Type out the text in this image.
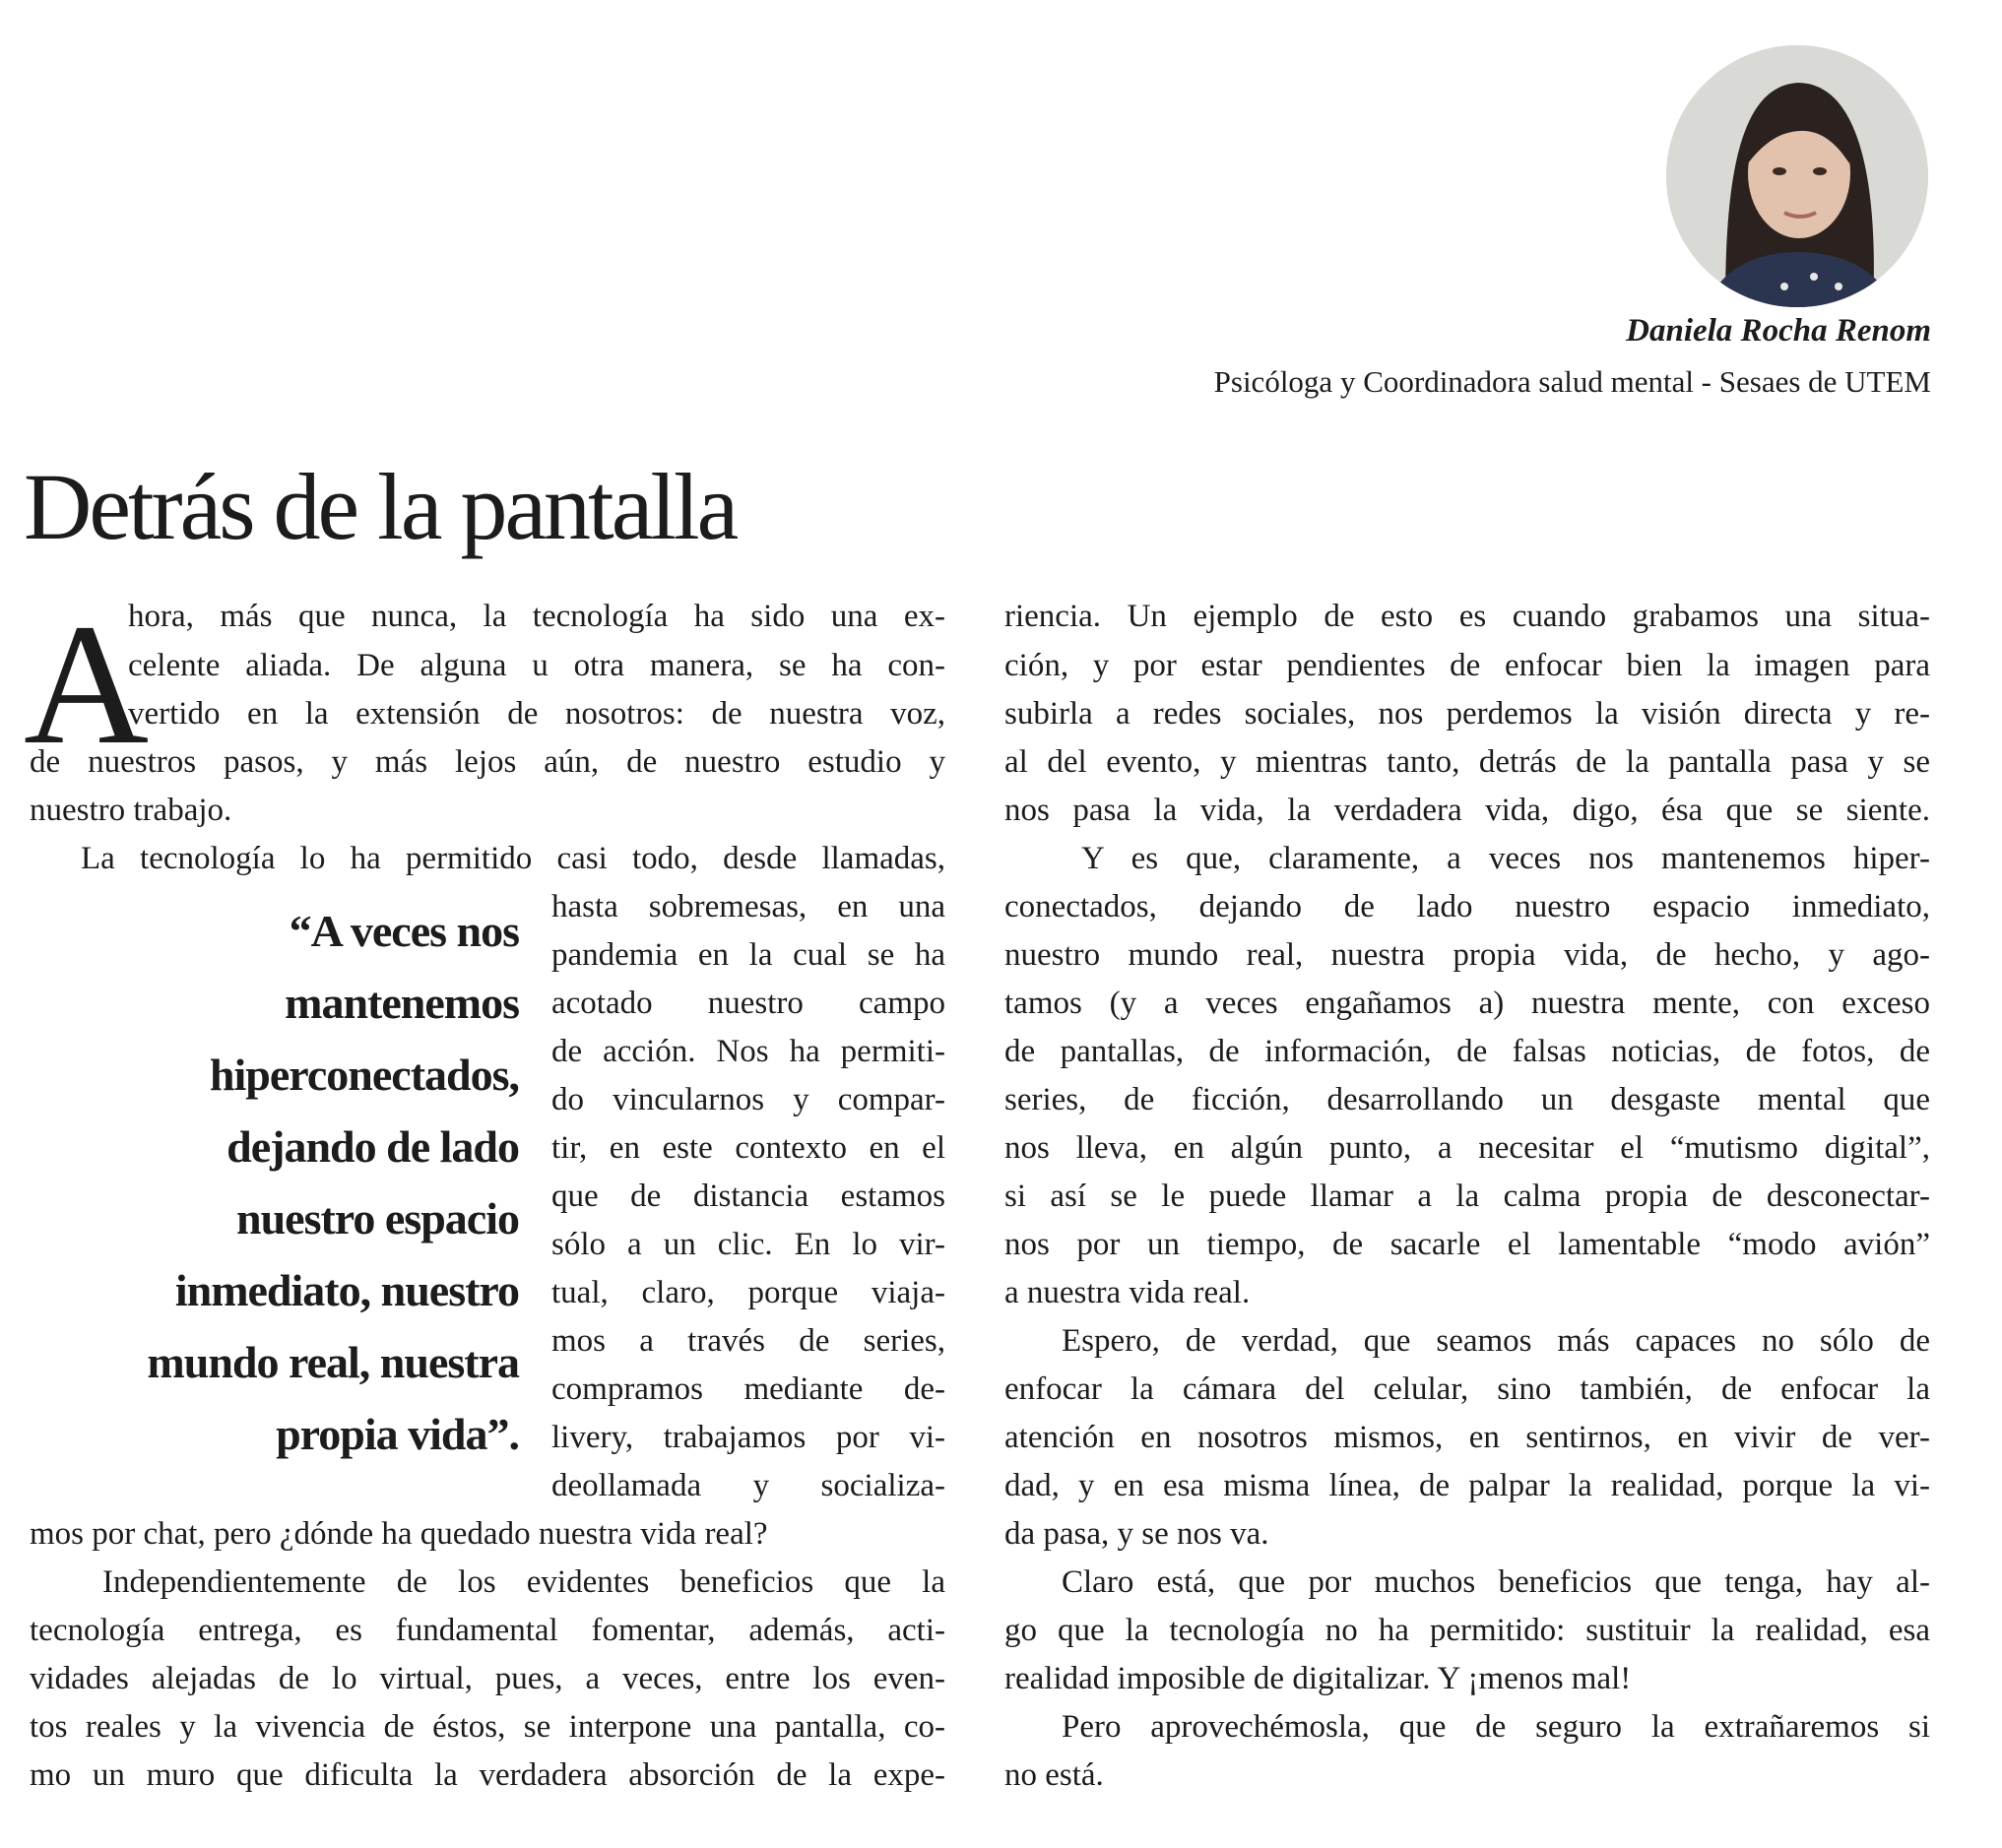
Daniela Rocha Renom
Psicóloga y Coordinadora salud mental - Sesaes de UTEM
Detrás de la pantalla
A
“A veces nos
mantenemos
hiperconectados,
dejando de lado
nuestro espacio
inmediato, nuestro
mundo real, nuestra
propia vida”.
hora, más que nunca, la tecnología ha sido una ex-
celente aliada. De alguna u otra manera, se ha con-
vertido en la extensión de nosotros: de nuestra voz,
de nuestros pasos, y más lejos aún, de nuestro estudio y
nuestro trabajo.
La tecnología lo ha permitido casi todo, desde llamadas,
hasta sobremesas, en una
pandemia en la cual se ha
acotado nuestro campo
de acción. Nos ha permiti-
do vincularnos y compar-
tir, en este contexto en el
que de distancia estamos
sólo a un clic. En lo vir-
tual, claro, porque viaja-
mos a través de series,
compramos mediante de-
livery, trabajamos por vi-
deollamada y socializa-
mos por chat, pero ¿dónde ha quedado nuestra vida real?
Independientemente de los evidentes beneficios que la
tecnología entrega, es fundamental fomentar, además, acti-
vidades alejadas de lo virtual, pues, a veces, entre los even-
tos reales y la vivencia de éstos, se interpone una pantalla, co-
mo un muro que dificulta la verdadera absorción de la expe-
riencia. Un ejemplo de esto es cuando grabamos una situa-
ción, y por estar pendientes de enfocar bien la imagen para
subirla a redes sociales, nos perdemos la visión directa y re-
al del evento, y mientras tanto, detrás de la pantalla pasa y se
nos pasa la vida, la verdadera vida, digo, ésa que se siente.
Y es que, claramente, a veces nos mantenemos hiper-
conectados, dejando de lado nuestro espacio inmediato,
nuestro mundo real, nuestra propia vida, de hecho, y ago-
tamos (y a veces engañamos a) nuestra mente, con exceso
de pantallas, de información, de falsas noticias, de fotos, de
series, de ficción, desarrollando un desgaste mental que
nos lleva, en algún punto, a necesitar el “mutismo digital”,
si así se le puede llamar a la calma propia de desconectar-
nos por un tiempo, de sacarle el lamentable “modo avión”
a nuestra vida real.
Espero, de verdad, que seamos más capaces no sólo de
enfocar la cámara del celular, sino también, de enfocar la
atención en nosotros mismos, en sentirnos, en vivir de ver-
dad, y en esa misma línea, de palpar la realidad, porque la vi-
da pasa, y se nos va.
Claro está, que por muchos beneficios que tenga, hay al-
go que la tecnología no ha permitido: sustituir la realidad, esa
realidad imposible de digitalizar. Y ¡menos mal!
Pero aprovechémosla, que de seguro la extrañaremos si
no está.
